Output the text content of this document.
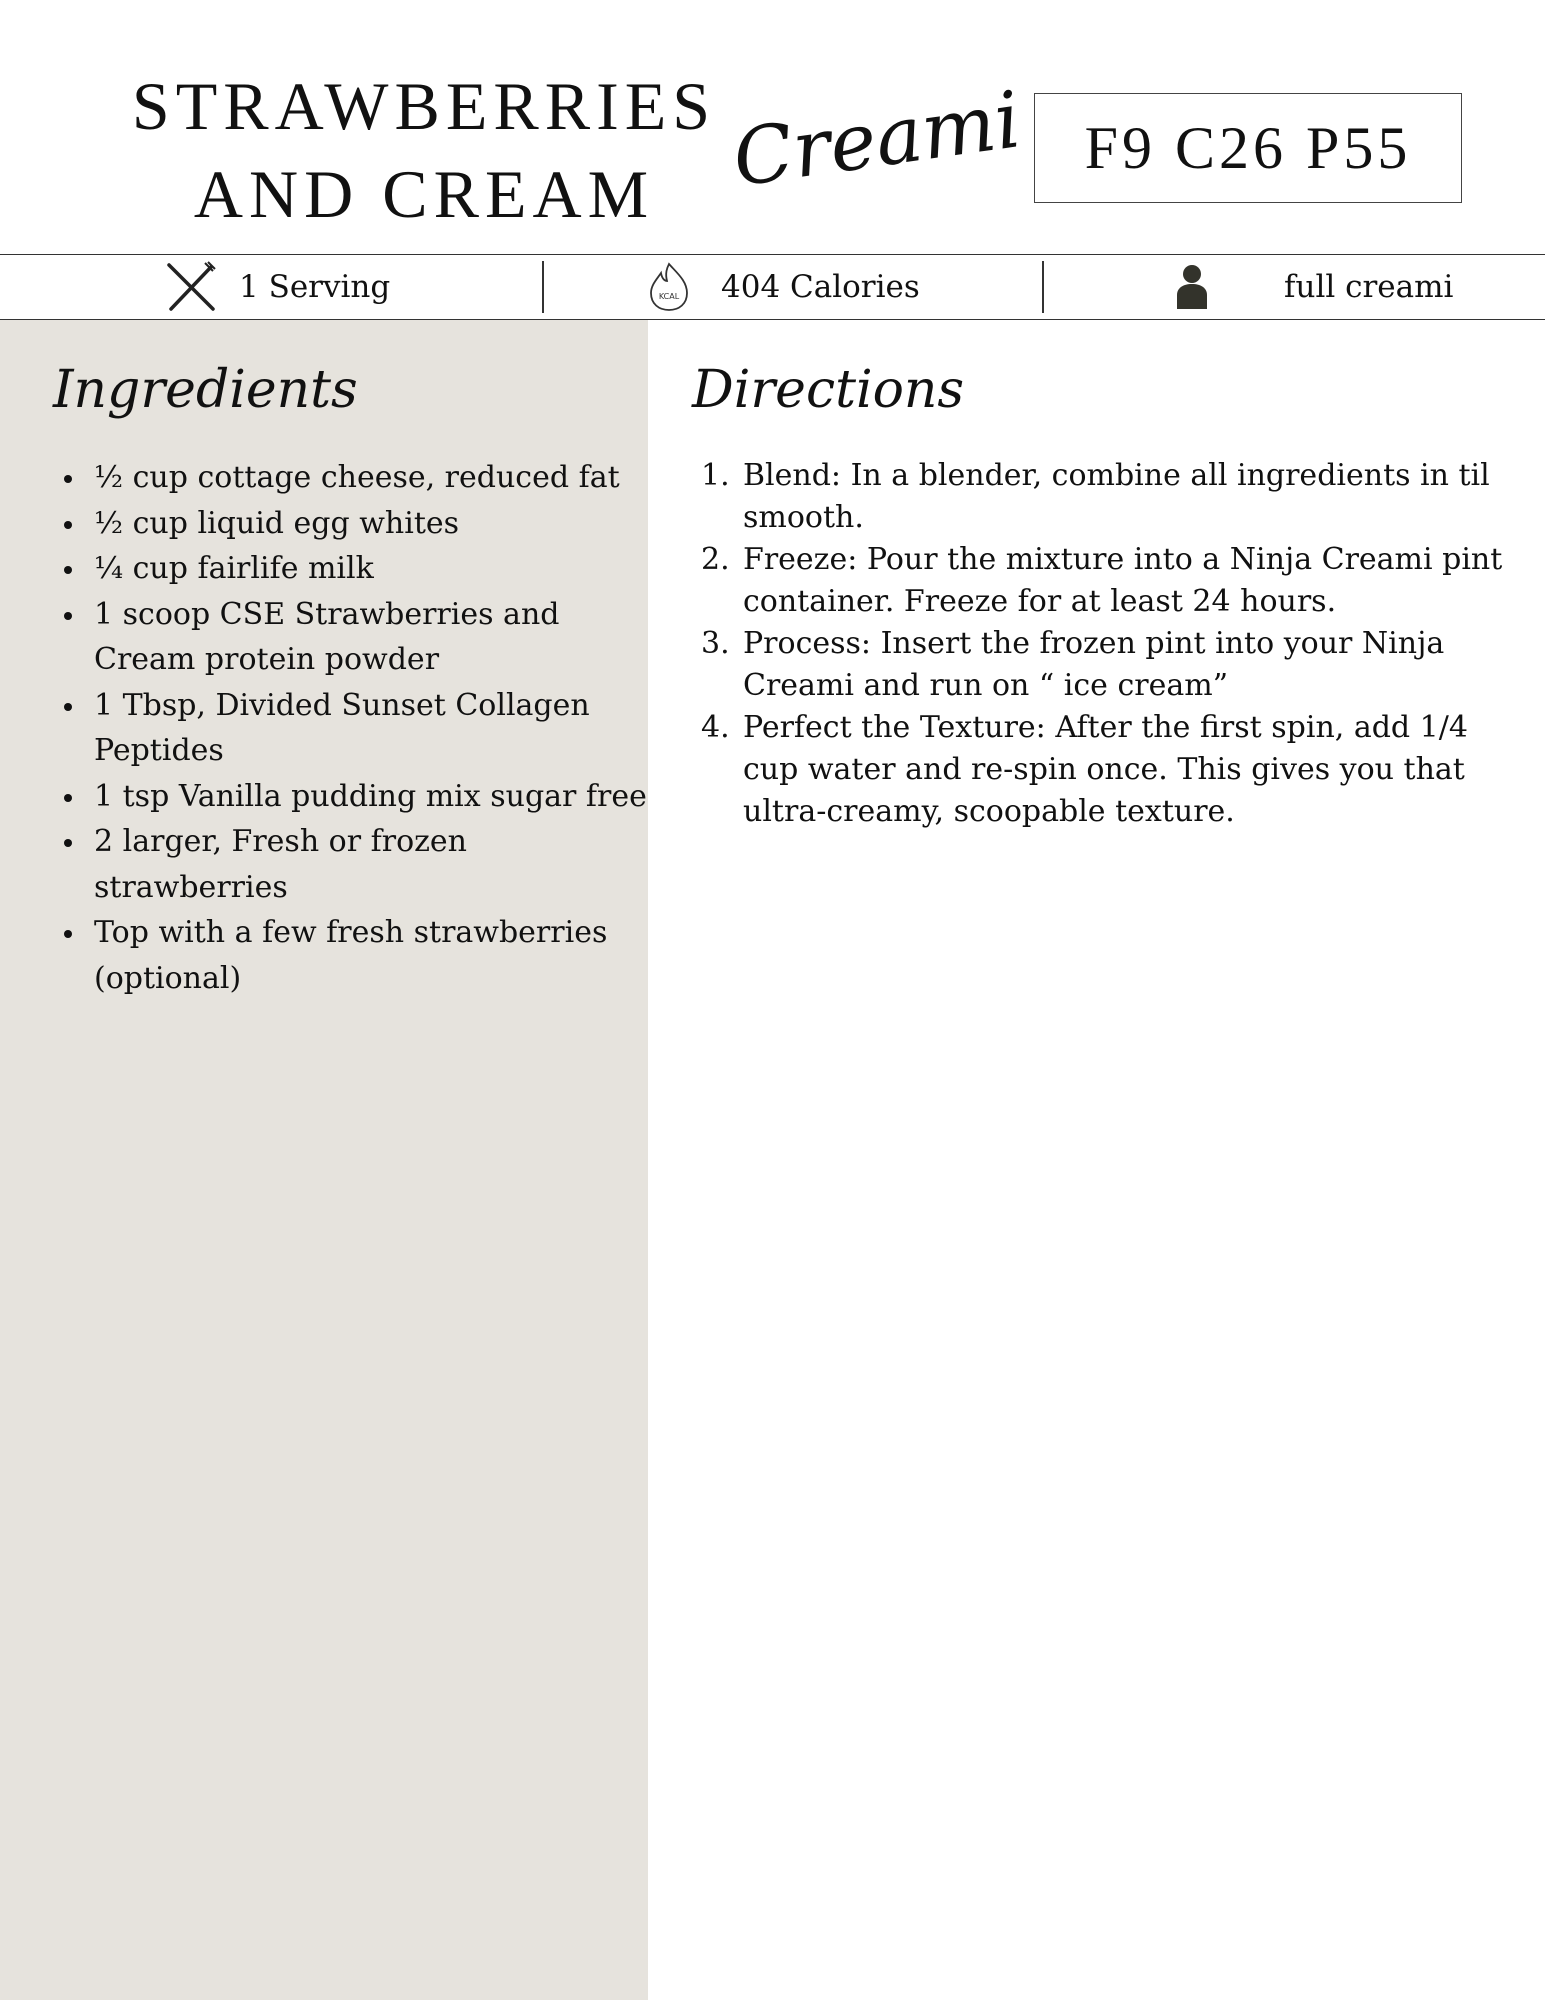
STRAWBERRIES
AND CREAM Creami F9 C26 P55
1 Serving	KCAL 404 Calories	full creami
Ingredients
½ cup cottage cheese, reduced fat
½ cup liquid egg whites
¼ cup fairlife milk
1 scoop CSE Strawberries and Cream protein powder
1 Tbsp, Divided Sunset Collagen Peptides
1 tsp Vanilla pudding mix sugar free
2 larger, Fresh or frozen strawberries
Top with a few fresh strawberries (optional)
Directions
1. Blend: In a blender, combine all ingredients in til smooth.
2. Freeze: Pour the mixture into a Ninja Creami pint container. Freeze for at least 24 hours.
3. Process: Insert the frozen pint into your Ninja Creami and run on “ ice cream”
4. Perfect the Texture: After the first spin, add 1/4 cup water and re-spin once. This gives you that ultra-creamy, scoopable texture.
